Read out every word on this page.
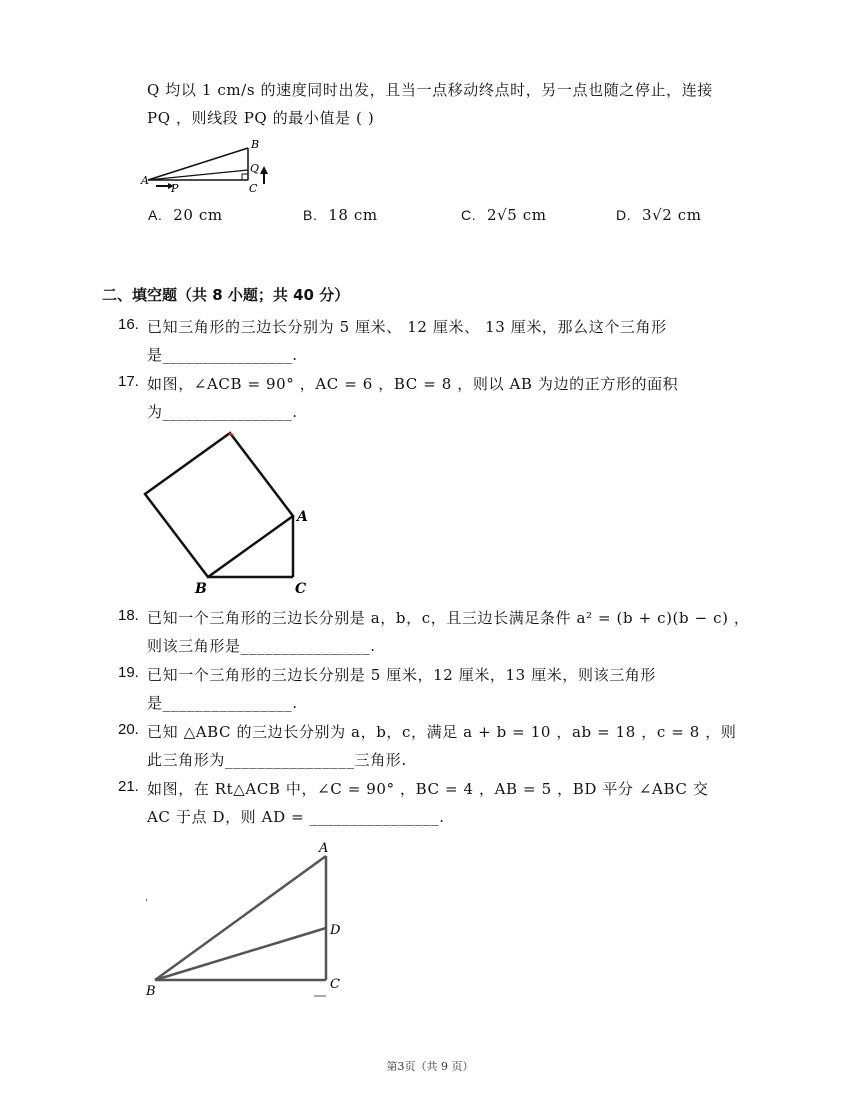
Q 均以 1 cm/s 的速度同时出发，且当一点移动终点时，另一点也随之停止，连接
PQ ，则线段 PQ 的最小值是 ( )
A
B
C
P
Q
A. 20 cm	B. 18 cm	C. 2√5 cm	D. 3√2 cm
二、填空题（共 8 小题；共 40 分）
16. 已知三角形的三边长分别为 5 厘米、 12 厘米、 13 厘米，那么这个三角形
是________________.
17. 如图，∠ACB = 90° ，AC = 6 ，BC = 8 ，则以 AB 为边的正方形的面积
为________________.
A
B	C
18. 已知一个三角形的三边长分别是 a，b，c，且三边长满足条件 a² = (b + c)(b − c) ，
则该三角形是________________.
19. 已知一个三角形的三边长分别是 5 厘米，12 厘米，13 厘米，则该三角形
是________________.
20. 已知 △ABC 的三边长分别为 a，b，c，满足 a + b = 10 ，ab = 18 ，c = 8 ，则
此三角形为________________三角形.
21. 如图，在 Rt△ACB 中，∠C = 90° ，BC = 4 ，AB = 5 ，BD 平分 ∠ABC 交
AC 于点 D，则 AD = ________________.
'
A
B	C
D
第3页（共 9 页）
